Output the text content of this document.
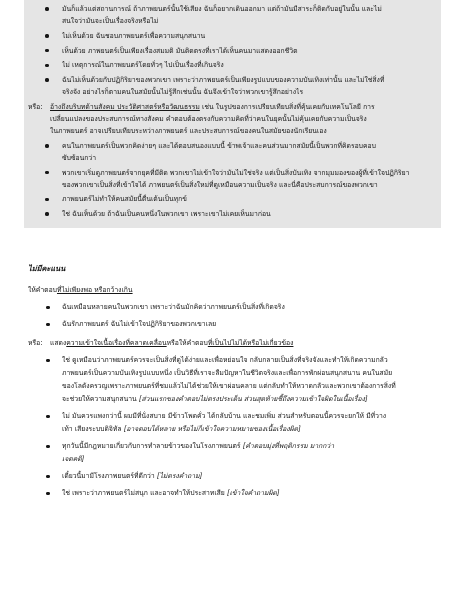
มันก็แล้วแต่สถานการณ์ ถ้าภาพยนตร์นั้นใช้เสียง ฉันก็อยากเดินออกมา แต่ถ้ามันมีสาระก็ติดกับอยู่ในนั้น และไม่
สนใจว่ามันจะเป็นเรื่องจริงหรือไม่
ไม่เห็นด้วย ฉันชอบภาพยนตร์เพื่อความสนุกสนาน
เห็นด้วย ภาพยนตร์เป็นเพียงเรื่องสมมติ มันติดตรงที่เราได้เห็นคนมาแสดงออกชีวิต
ไม่ เหตุการณ์ในภาพยนตร์โดยทั่วๆ ไปเป็นเรื่องที่เกินจริง
ฉันไม่เห็นด้วยกับปฏิกิริยาของพวกเขา เพราะว่าภาพยนตร์เป็นเพียงรูปแบบของความบันเทิงเท่านั้น และไม่ใช่สิ่งที่
จริงจัง อย่างไรก็ตามคนในสมัยนั้นไม่รู้สึกเช่นนั้น ฉันจึงเข้าใจว่าพวกเขารู้สึกอย่างไร
หรือ: อ้างถึงบริบทด้านสังคม ประวัติศาสตร์หรือวัฒนธรรม เช่น ในรูปของการเปรียบเทียบสิ่งที่คุ้นเคยกับเทคโนโลยี การ
เปลี่ยนแปลงของประสบการณ์ทางสังคม คำตอบต้องตรงกับความคิดที่ว่าคนในยุคนั้นไม่คุ้นเคยกับความเป็นจริง
ในภาพยนตร์ อาจเปรียบเทียบระหว่างภาพยนตร์ และประสบการณ์ของคนในสมัยของนักเรียนเอง
คนในภาพยนตร์เป็นพวกคิดง่ายๆ และได้ตอบสนองแบบนี้ ข้าพเจ้าและคนส่วนมากสมัยนี้เป็นพวกที่คิดรอบคอบ
ซับซ้อนกว่า
พวกเขาเริ่มดูภาพยนตร์จากยุคที่มีติด พวกเขาไม่เข้าใจว่ามันไม่ใช่จริง แต่เป็นสิ่งบันเทิง จากมุมมองของผู้ที่เข้าใจปฏิกิริยา
ของพวกเขาเป็นสิ่งที่เข้าใจได้ ภาพยนตร์เป็นสิ่งใหม่ที่ดูเหมือนความเป็นจริง และนี่คือประสบการณ์ของพวกเขา
ภาพยนตร์ไม่ทำให้คนสมัยนี้ตื่นเต้นเป็นทุกข์
ใช่ ฉันเห็นด้วย ถ้าฉันเป็นคนหนึ่งในพวกเขา เพราะเขาไม่เคยเห็นมาก่อน
ไม่มีคะแนน
ให้คำตอบที่ไม่เพียงพอ หรือกว้างเกิน
ฉันเหมือนหลายคนในพวกเขา เพราะว่าฉันมักคิดว่าภาพยนตร์เป็นสิ่งที่เกิดจริง
ฉันรักภาพยนตร์ ฉันไม่เข้าใจปฏิกิริยาของพวกเขาเลย
หรือ: แสดงความเข้าใจเนื้อเรื่องที่คลาดเคลื่อนหรือให้คำตอบที่เป็นไปไม่ได้หรือไม่เกี่ยวข้อง
ใช่ ดูเหมือนว่าภาพยนตร์ควรจะเป็นสิ่งที่ดูได้ง่ายและเพื่อหย่อนใจ กลับกลายเป็นสิ่งที่จริงจังและทำให้เกิดความกลัว
ภาพยนตร์เป็นความบันเทิงรูปแบบหนึ่ง เป็นวิธีที่เราจะลืมปัญหาในชีวิตจริงและเพื่อการพักผ่อนสนุกสนาน คนในสมัย
ของโลดังครวญเพราะภาพยนตร์ที่ชมแล้วไม่ได้ช่วยให้เขาผ่อนคลาย แต่กลับทำให้หวาดกลัวและพวกเขาต้องการสิ่งที่
จะช่วยให้ความสนุกสนาน [ส่วนแรกของคำตอบไม่ตรงประเด็น ส่วนสุดท้ายชี้ถึงความเข้าใจผิดในเนื้อเรื่อง]
ไม่ มันควรแพงกว่านี้ ผมมีที่นั่งสบาย มีข้าวโพดคั่ว ได้กลับบ้าน และชมเพิ่ม ส่วนสำหรับตอนนี้ควรจะยกให้ มีที่วาง
เท้า เสียงระบบดิจิทัล [อาจตอบได้หลาย หรือไม่ก็เข้าใจความหมายของเนื้อเรื่องผิด]
ทุกวันนี้มีกฎหมายเกี่ยวกับการทำลายข้าวของในโรงภาพยนตร์ [คำตอบมุ่งที่พฤติกรรม มากกว่า
เจตคติ]
เดี๋ยวนี้มามีโรงภาพยนตร์ที่ดีกว่า [ไม่ตรงคำถาม]
ใช่ เพราะว่าภาพยนตร์ไม่สนุก และอาจทำให้ประสาทเสีย [เข้าใจคำถามผิด]
